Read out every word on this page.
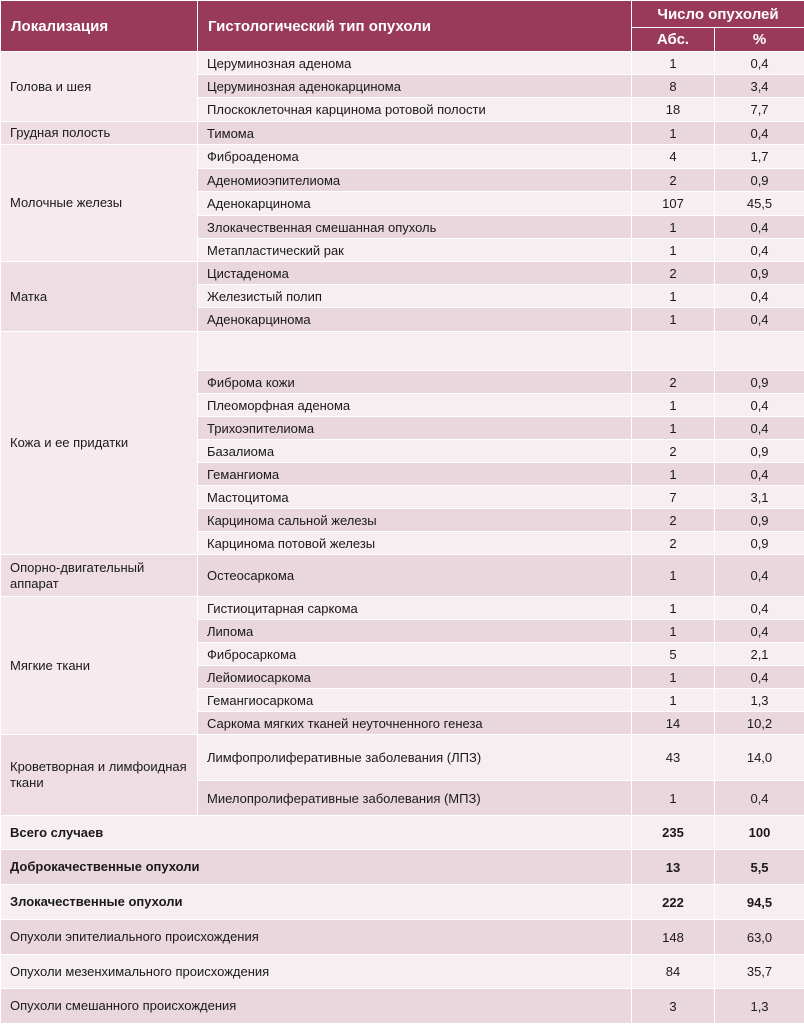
Локализация	Гистологический тип опухоли	Число опухолей	
		Абс.	%
Голова и шея	Церуминозная аденома	1	0,4
	Церуминозная аденокарцинома	8	3,4
	Плоскоклеточная карцинома ротовой полости	18	7,7
Грудная полость	Тимома	1	0,4
Молочные железы	Фиброаденома	4	1,7
	Аденомиоэпителиома	2	0,9
	Аденокарцинома	107	45,5
	Злокачественная смешанная опухоль	1	0,4
	Метапластический рак	1	0,4
Матка	Цистаденома	2	0,9
	Железистый полип	1	0,4
	Аденокарцинома	1	0,4
Кожа и ее придатки			
	Фиброма кожи	2	0,9
	Плеоморфная аденома	1	0,4
	Трихоэпителиома	1	0,4
	Базалиома	2	0,9
	Гемангиома	1	0,4
	Мастоцитома	7	3,1
	Карцинома сальной железы	2	0,9
	Карцинома потовой железы	2	0,9
Опорно-двигательный аппарат	Остеосаркома	1	0,4
Мягкие ткани	Гистиоцитарная саркома	1	0,4
	Липома	1	0,4
	Фибросаркома	5	2,1
	Лейомиосаркома	1	0,4
	Гемангиосаркома	1	1,3
	Саркома мягких тканей неуточненного генеза	14	10,2
Кроветворная и лимфоидная ткани	Лимфопролиферативные заболевания (ЛПЗ)	43	14,0
	Миелопролиферативные заболевания (МПЗ)	1	0,4
Всего случаев		235	100
Доброкачественные опухоли		13	5,5
Злокачественные опухоли		222	94,5
Опухоли эпителиального происхождения		148	63,0
Опухоли мезенхимального происхождения		84	35,7
Опухоли смешанного происхождения		3	1,3
